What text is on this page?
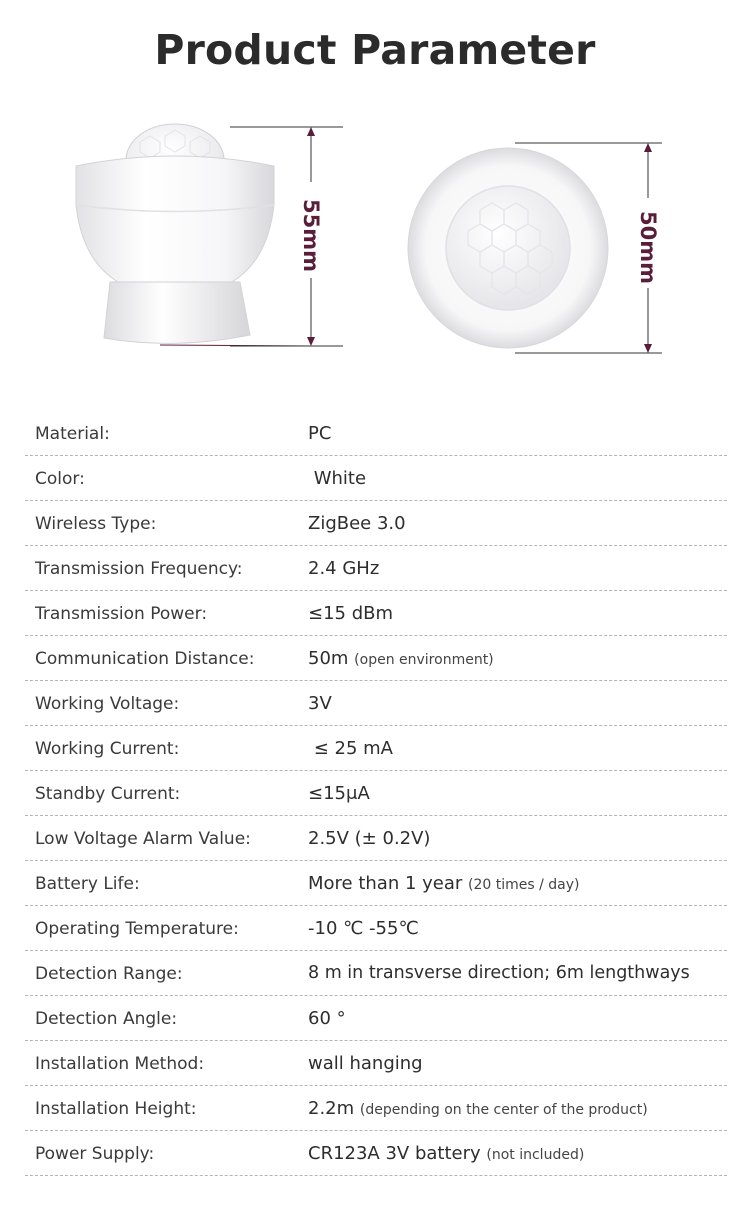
Product Parameter
55mm	50mm
Material:	PC
Color:	White
Wireless Type:	ZigBee 3.0
Transmission Frequency:	2.4 GHz
Transmission Power:	≤15 dBm
Communication Distance:	50m (open environment)
Working Voltage:	3V
Working Current:	≤ 25 mA
Standby Current:	≤15μA
Low Voltage Alarm Value:	2.5V (± 0.2V)
Battery Life:	More than 1 year (20 times / day)
Operating Temperature:	-10 ℃ -55℃
Detection Range:	8 m in transverse direction; 6m lengthways
Detection Angle:	60 °
Installation Method:	wall hanging
Installation Height:	2.2m (depending on the center of the product)
Power Supply:	CR123A 3V battery (not included)
